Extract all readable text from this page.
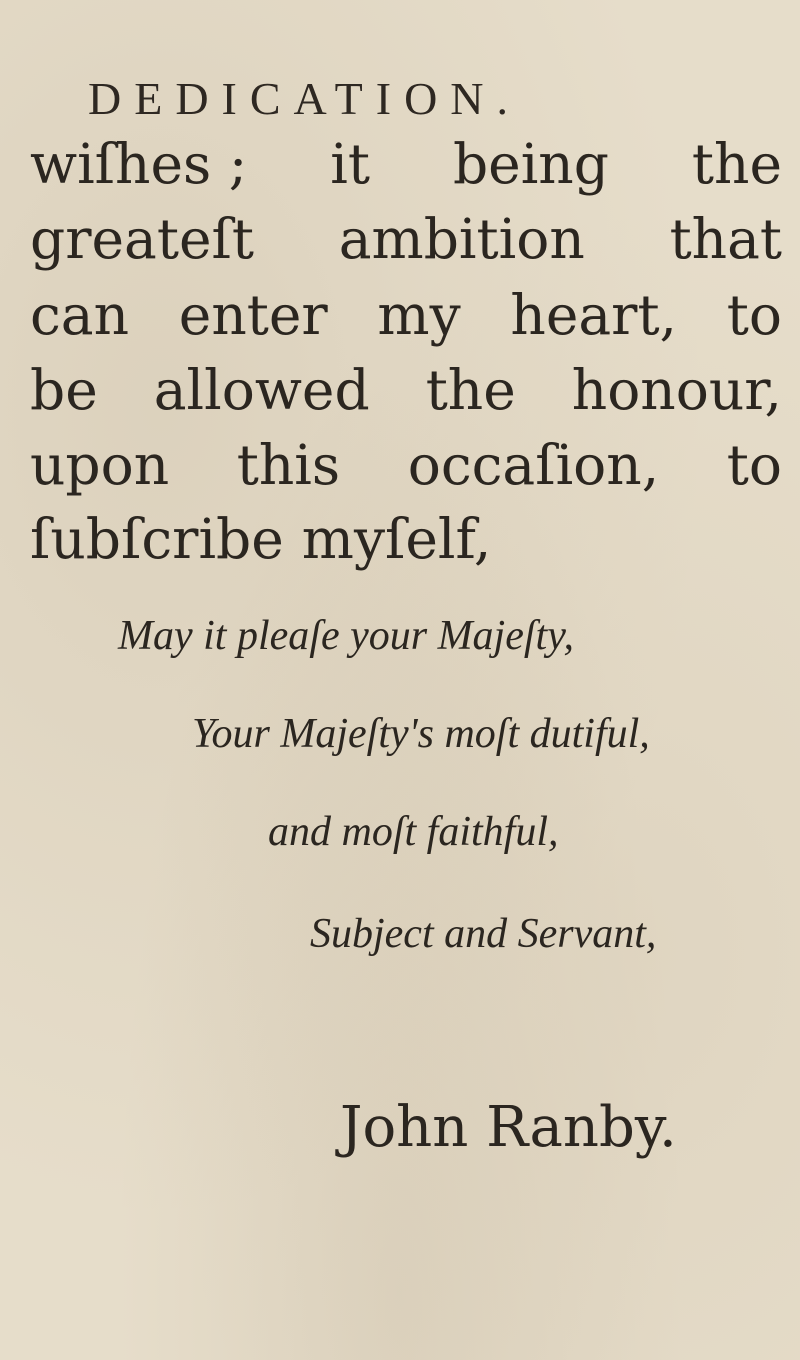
DEDICATION.
wiſhes ; it being the
greateſt ambition that
can enter my heart, to
be allowed the honour,
upon this occaſion, to
ſubſcribe myſelf,
May it pleaſe your Majeſty,
Your Majeſty's moſt dutiful,
and moſt faithful,
Subject and Servant,
John Ranby.
